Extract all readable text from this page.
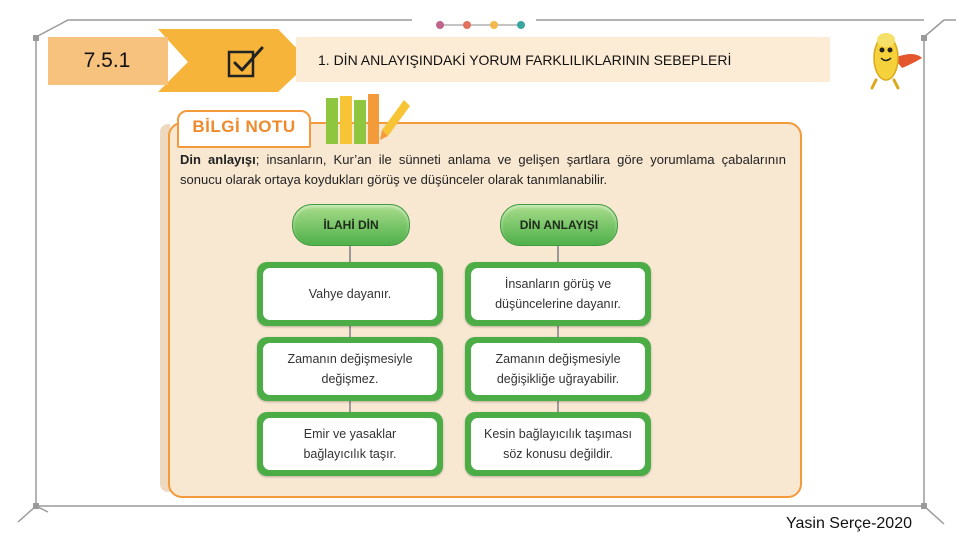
7.5.1	1. DİN ANLAYIŞINDAKİ YORUM FARKLILIKLARININ SEBEPLERİ
BİLGİ NOTU
Din anlayışı; insanların, Kur’an ile sünneti anlama ve gelişen şartlara göre yorumlama çabalarının sonucu olarak ortaya koydukları görüş ve düşünceler olarak tanımlanabilir.
İLAHİ DİN
Vahye dayanır.
Zamanın değişmesiyle
değişmez.
Emir ve yasaklar
bağlayıcılık taşır.
DİN ANLAYIŞI
İnsanların görüş ve
düşüncelerine dayanır.
Zamanın değişmesiyle
değişikliğe uğrayabilir.
Kesin bağlayıcılık taşıması
söz konusu değildir.
Yasin Serçe-2020
